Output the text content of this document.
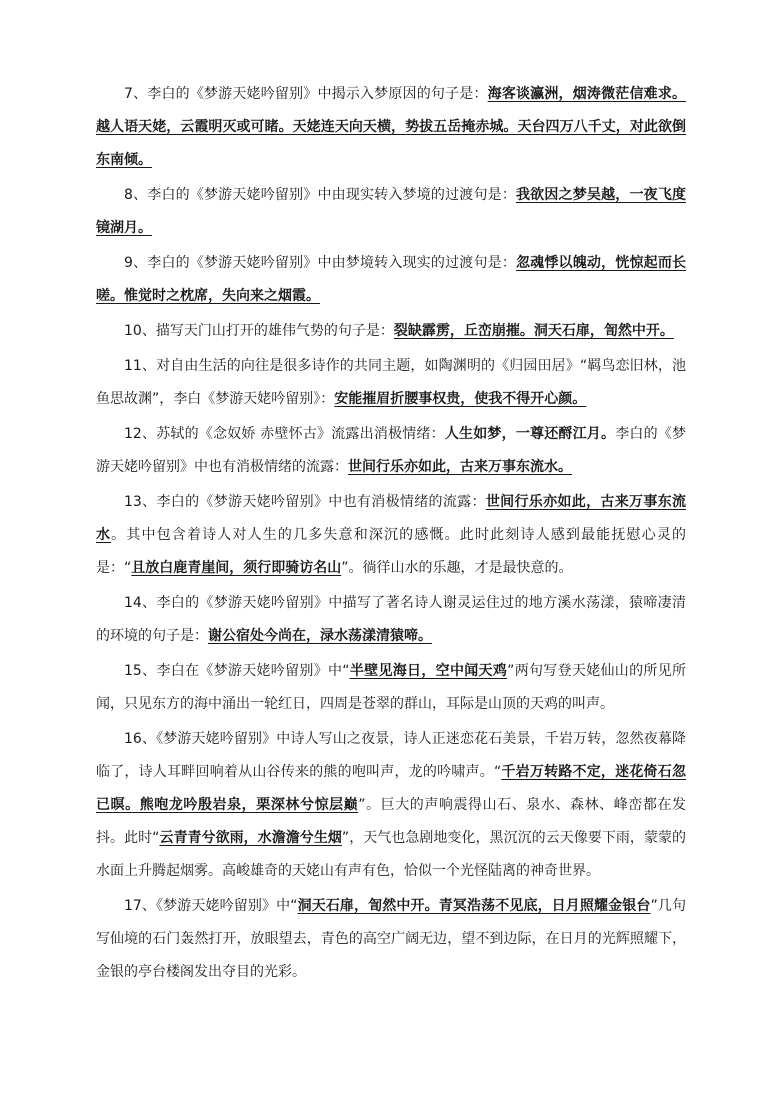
7、李白的《梦游天姥吟留别》中揭示入梦原因的句子是：海客谈瀛洲，烟涛微茫信难求。越人语天姥，云霞明灭或可睹。天姥连天向天横，势拔五岳掩赤城。天台四万八千丈，对此欲倒东南倾。

8、李白的《梦游天姥吟留别》中由现实转入梦境的过渡句是：我欲因之梦吴越，一夜飞度镜湖月。

9、李白的《梦游天姥吟留别》中由梦境转入现实的过渡句是：忽魂悸以魄动，恍惊起而长嗟。惟觉时之枕席，失向来之烟霞。

10、描写天门山打开的雄伟气势的句子是：裂缺霹雳，丘峦崩摧。洞天石扉，訇然中开。

11、对自由生活的向往是很多诗作的共同主题，如陶渊明的《归园田居》“羁鸟恋旧林，池鱼思故渊”，李白《梦游天姥吟留别》：安能摧眉折腰事权贵，使我不得开心颜。

12、苏轼的《念奴娇 赤壁怀古》流露出消极情绪：人生如梦，一尊还酹江月。李白的《梦游天姥吟留别》中也有消极情绪的流露：世间行乐亦如此，古来万事东流水。

13、李白的《梦游天姥吟留别》中也有消极情绪的流露：世间行乐亦如此，古来万事东流水。其中包含着诗人对人生的几多失意和深沉的感慨。此时此刻诗人感到最能抚慰心灵的是：“且放白鹿青崖间，须行即骑访名山”。徜徉山水的乐趣，才是最快意的。

14、李白的《梦游天姥吟留别》中描写了著名诗人谢灵运住过的地方溪水荡漾，猿啼凄清的环境的句子是：谢公宿处今尚在，渌水荡漾清猿啼。

15、李白在《梦游天姥吟留别》中“半壁见海日，空中闻天鸡”两句写登天姥仙山的所见所闻，只见东方的海中涌出一轮红日，四周是苍翠的群山，耳际是山顶的天鸡的叫声。

16、《梦游天姥吟留别》中诗人写山之夜景，诗人正迷恋花石美景，千岩万转，忽然夜幕降临了，诗人耳畔回响着从山谷传来的熊的咆叫声，龙的吟啸声。“千岩万转路不定，迷花倚石忽已暝。熊咆龙吟殷岩泉，栗深林兮惊层巅”。巨大的声响震得山石、泉水、森林、峰峦都在发抖。此时“云青青兮欲雨，水澹澹兮生烟”，天气也急剧地变化，黑沉沉的云天像要下雨，蒙蒙的水面上升腾起烟雾。高峻雄奇的天姥山有声有色，恰似一个光怪陆离的神奇世界。

17、《梦游天姥吟留别》中“洞天石扉，訇然中开。青冥浩荡不见底，日月照耀金银台”几句写仙境的石门轰然打开，放眼望去，青色的高空广阔无边，望不到边际，在日月的光辉照耀下，金银的亭台楼阁发出夺目的光彩。
